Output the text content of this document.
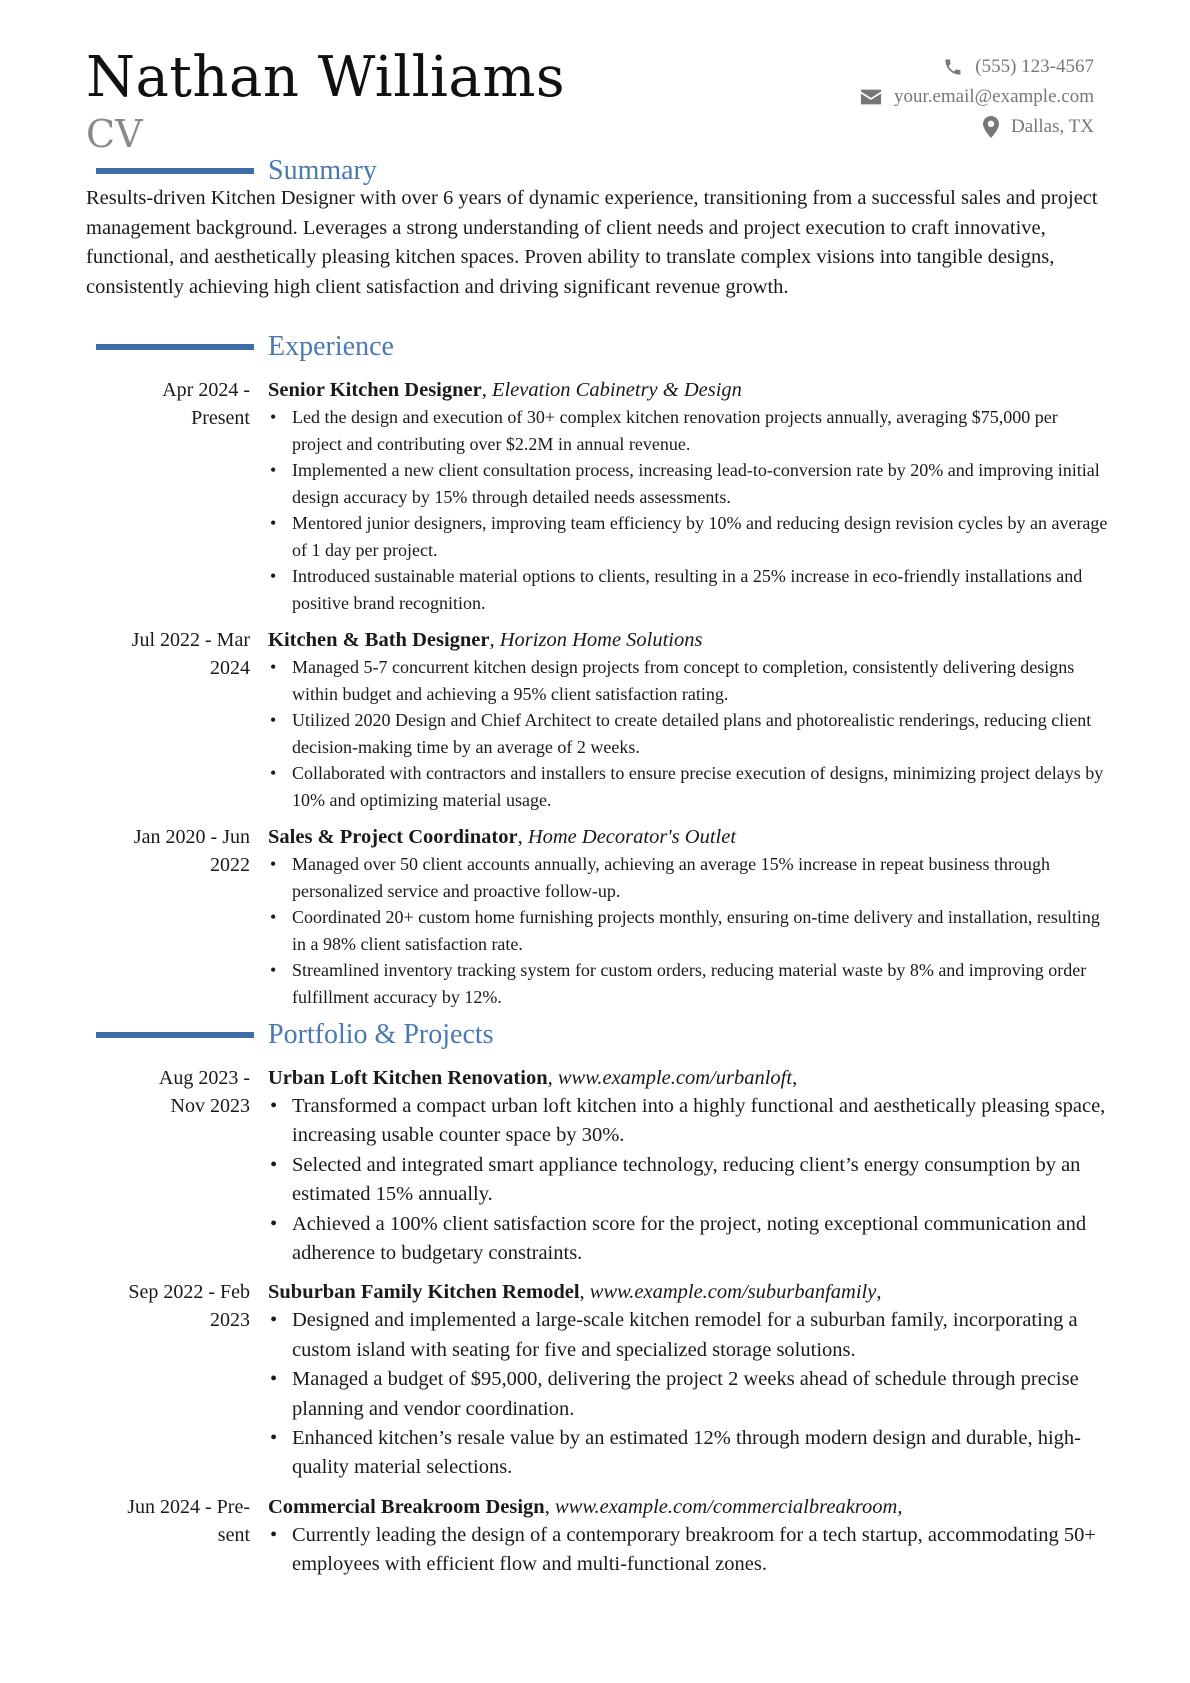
Nathan Williams
CV
(555) 123-4567
your.email@example.com
Dallas, TX
Summary

Results-driven Kitchen Designer with over 6 years of dynamic experience, transitioning from a successful sales and project management background. Leverages a strong understanding of client needs and project execution to craft innovative, functional, and aesthetically pleasing kitchen spaces. Proven ability to translate complex visions into tangible designs, consistently achieving high client satisfaction and driving significant revenue growth.

Experience
Apr 2024 -
Present
Senior Kitchen Designer, Elevation Cabinetry & Design
• Led the design and execution of 30+ complex kitchen renovation projects annually, averaging $75,000 per project and contributing over $2.2M in annual revenue.
• Implemented a new client consultation process, increasing lead-to-conversion rate by 20% and improving initial design accuracy by 15% through detailed needs assessments.
• Mentored junior designers, improving team efficiency by 10% and reducing design revision cycles by an average of 1 day per project.
• Introduced sustainable material options to clients, resulting in a 25% increase in eco-friendly installations and positive brand recognition.
Jul 2022 - Mar
2024
Kitchen & Bath Designer, Horizon Home Solutions
• Managed 5-7 concurrent kitchen design projects from concept to completion, consistently delivering designs within budget and achieving a 95% client satisfaction rating.
• Utilized 2020 Design and Chief Architect to create detailed plans and photorealistic renderings, reducing client decision-making time by an average of 2 weeks.
• Collaborated with contractors and installers to ensure precise execution of designs, minimizing project delays by 10% and optimizing material usage.
Jan 2020 - Jun
2022
Sales & Project Coordinator, Home Decorator's Outlet
• Managed over 50 client accounts annually, achieving an average 15% increase in repeat business through personalized service and proactive follow-up.
• Coordinated 20+ custom home furnishing projects monthly, ensuring on-time delivery and installation, resulting in a 98% client satisfaction rate.
• Streamlined inventory tracking system for custom orders, reducing material waste by 8% and improving order fulfillment accuracy by 12%.
Portfolio & Projects
Aug 2023 -
Nov 2023
Urban Loft Kitchen Renovation, www.example.com/urbanloft,
• Transformed a compact urban loft kitchen into a highly functional and aesthetically pleasing space, increasing usable counter space by 30%.
• Selected and integrated smart appliance technology, reducing client’s energy consumption by an estimated 15% annually.
• Achieved a 100% client satisfaction score for the project, noting exceptional communication and adherence to budgetary constraints.
Sep 2022 - Feb
2023
Suburban Family Kitchen Remodel, www.example.com/suburbanfamily,
• Designed and implemented a large-scale kitchen remodel for a suburban family, incorporating a custom island with seating for five and specialized storage solutions.
• Managed a budget of $95,000, delivering the project 2 weeks ahead of schedule through precise planning and vendor coordination.
• Enhanced kitchen’s resale value by an estimated 12% through modern design and durable, high-quality material selections.
Jun 2024 - Pre-
sent
Commercial Breakroom Design, www.example.com/commercialbreakroom,
• Currently leading the design of a contemporary breakroom for a tech startup, accommodating 50+ employees with efficient flow and multi-functional zones.
